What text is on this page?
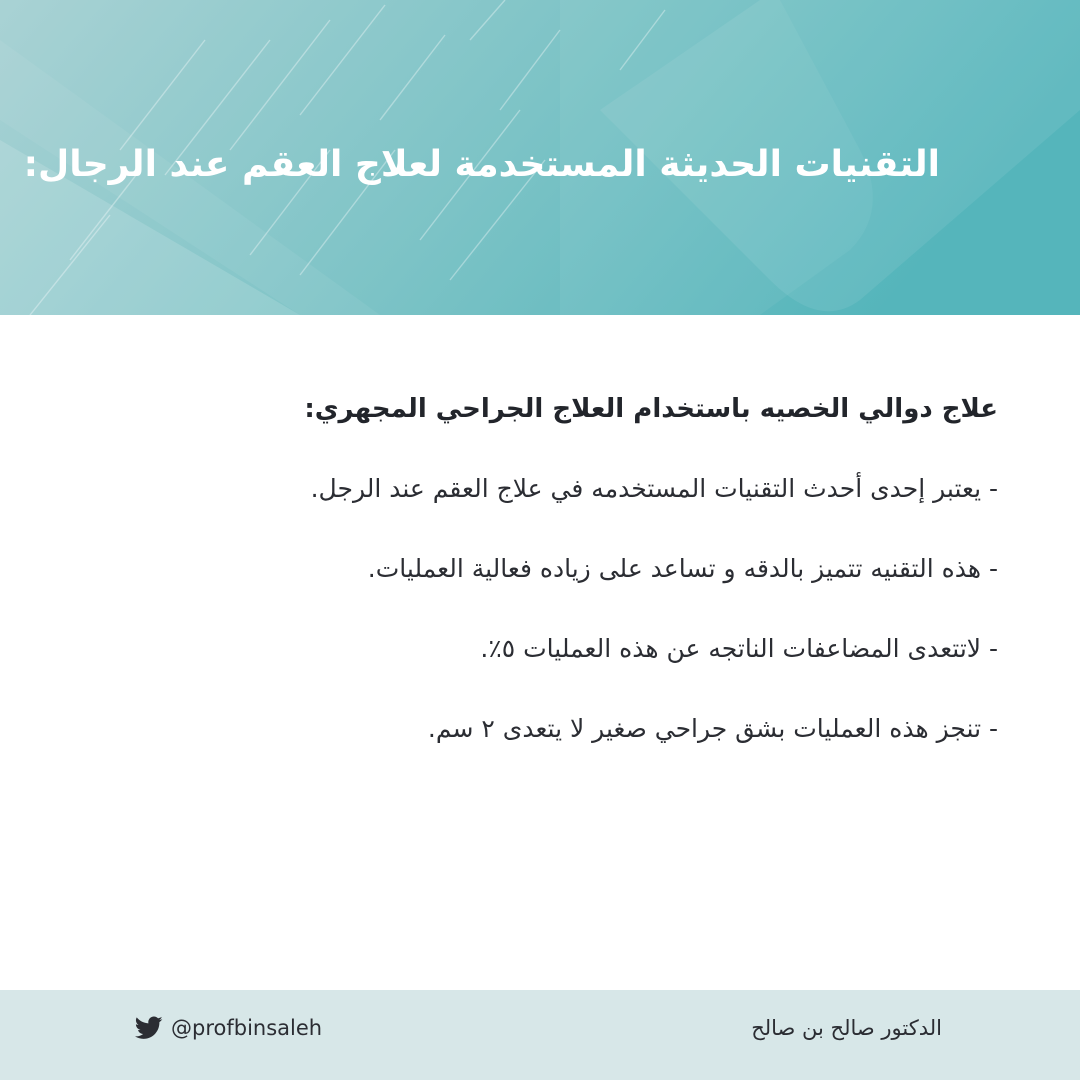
التقنيات الحديثة المستخدمة لعلاج العقم عند الرجال:
علاج دوالي الخصيه باستخدام العلاج الجراحي المجهري:
- يعتبر إحدى أحدث التقنيات المستخدمه في علاج العقم عند الرجل.
- هذه التقنيه تتميز بالدقه و تساعد على زياده فعالية العمليات.
- لاتتعدى المضاعفات الناتجه عن هذه العمليات ٥٪.
- تنجز هذه العمليات بشق جراحي صغير لا يتعدى ٢ سم.
@profbinsaleh	الدكتور صالح بن صالح
